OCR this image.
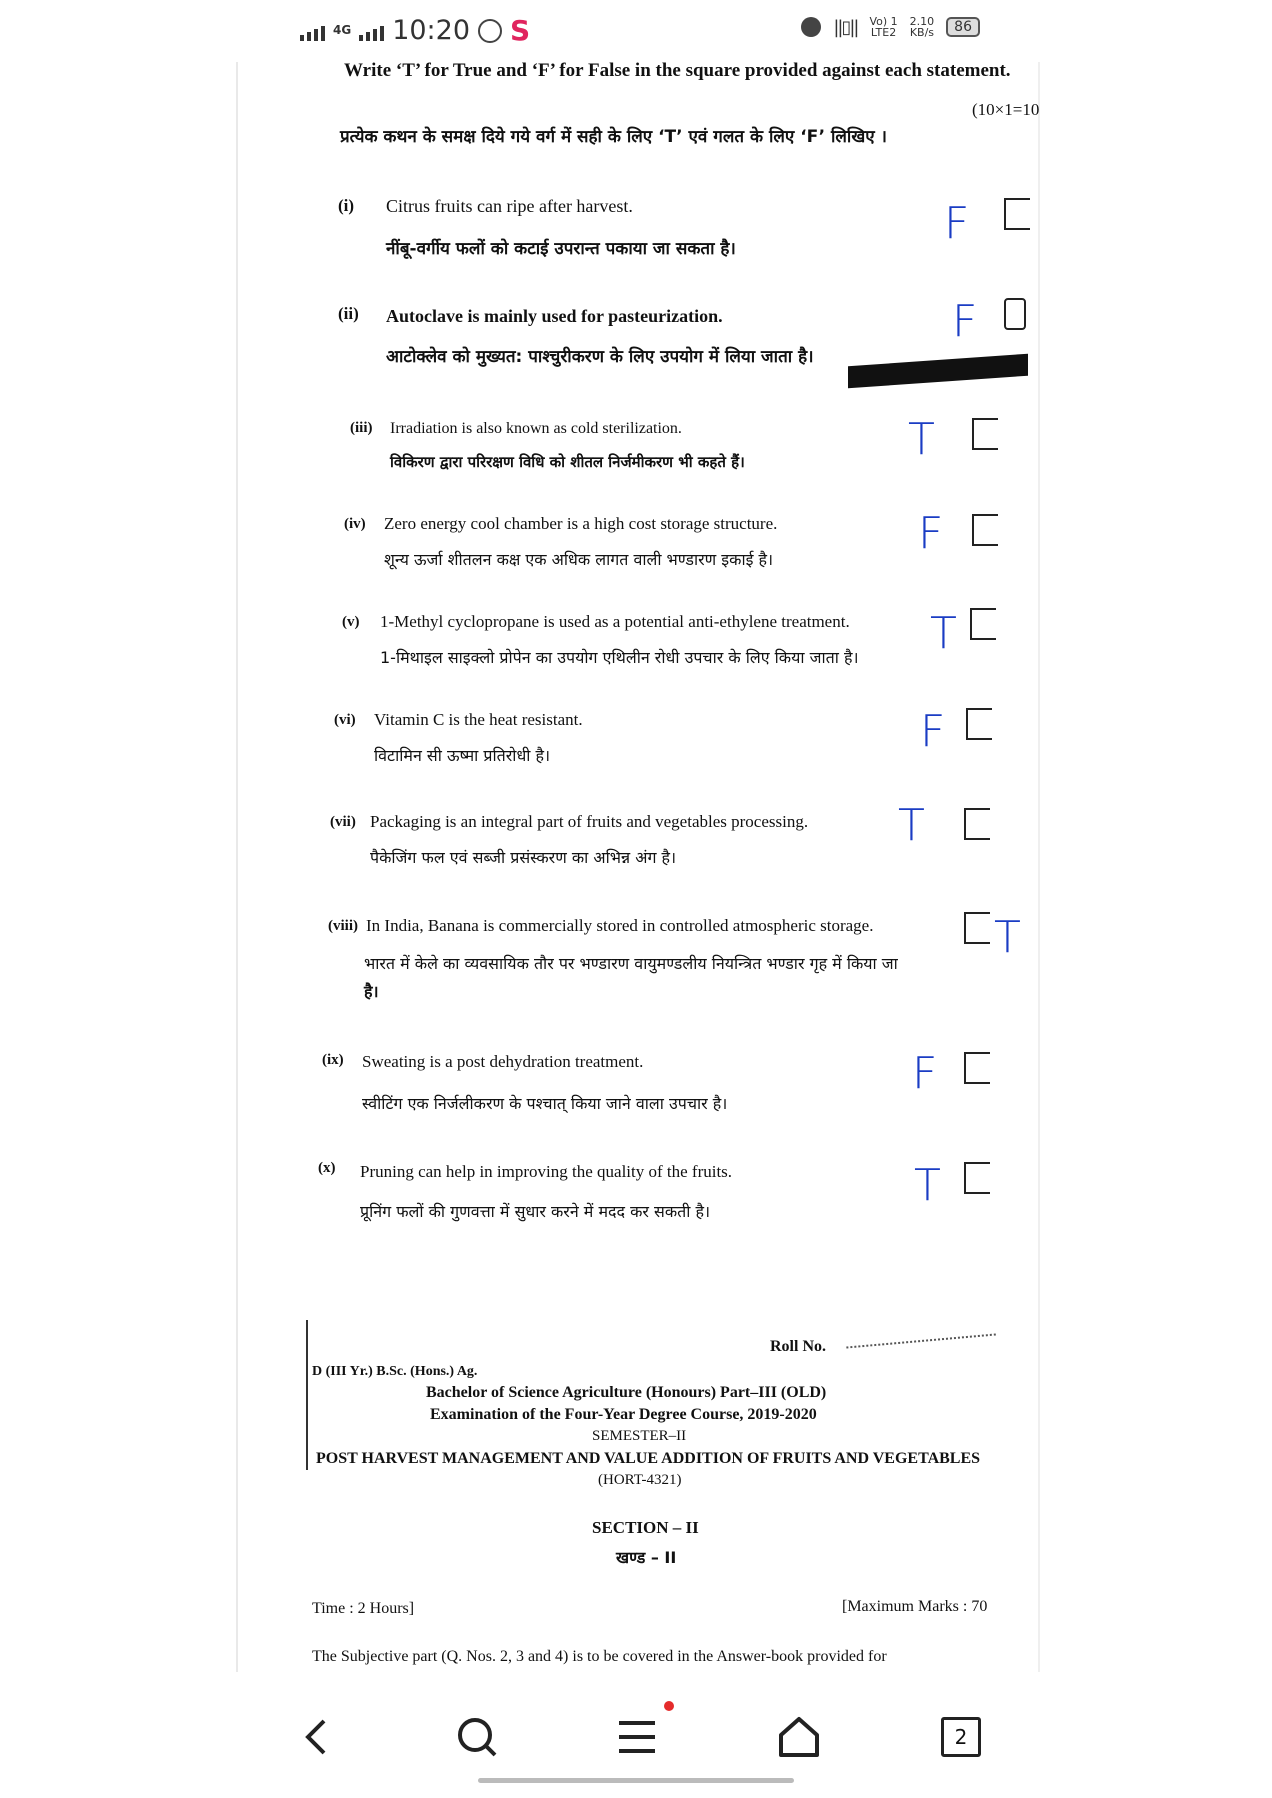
4G 10:20 S	||▯|| Vo) 1
LTE2
2.10
KB/s	86
Write ‘T’ for True and ‘F’ for False in the square provided against each statement.
(10×1=10
प्रत्येक कथन के समक्ष दिये गये वर्ग में सही के लिए ‘T’ एवं गलत के लिए ‘F’ लिखिए ।
(i) Citrus fruits can ripe after harvest.
नींबू-वर्गीय फलों को कटाई उपरान्त पकाया जा सकता है।	F
(ii) Autoclave is mainly used for pasteurization.
आटोक्लेव को मुख्यत: पाश्चुरीकरण के लिए उपयोग में लिया जाता है।
F
(iii) Irradiation is also known as cold sterilization.
विकिरण द्वारा परिरक्षण विधि को शीतल निर्जमीकरण भी कहते हैं।	T
(iv) Zero energy cool chamber is a high cost storage structure.
शून्य ऊर्जा शीतलन कक्ष एक अधिक लागत वाली भण्डारण इकाई है।
F
(v) 1-Methyl cyclopropane is used as a potential anti-ethylene treatment.
1-मिथाइल साइक्लो प्रोपेन का उपयोग एथिलीन रोधी उपचार के लिए किया जाता है। T
(vi) Vitamin C is the heat resistant.
विटामिन सी ऊष्मा प्रतिरोधी है।	F
(vii) Packaging is an integral part of fruits and vegetables processing.
पैकेजिंग फल एवं सब्जी प्रसंस्करण का अभिन्न अंग है।
T
(viii) In India, Banana is commercially stored in controlled atmospheric storage.
भारत में केले का व्यवसायिक तौर पर भण्डारण वायुमण्डलीय नियन्त्रित भण्डार गृह में किया जा
है।
T
(ix) Sweating is a post dehydration treatment.
स्वीटिंग एक निर्जलीकरण के पश्चात् किया जाने वाला उपचार है।
F
(x) Pruning can help in improving the quality of the fruits.
प्रूनिंग फलों की गुणवत्ता में सुधार करने में मदद कर सकती है।
T
Roll No.
D (III Yr.) B.Sc. (Hons.) Ag.
Bachelor of Science Agriculture (Honours) Part–III (OLD)
Examination of the Four-Year Degree Course, 2019-2020
SEMESTER–II
POST HARVEST MANAGEMENT AND VALUE ADDITION OF FRUITS AND VEGETABLES
(HORT-4321)
SECTION – II
खण्ड – II
Time : 2 Hours]	[Maximum Marks : 70
The Subjective part (Q. Nos. 2, 3 and 4) is to be covered in the Answer-book provided for
2
